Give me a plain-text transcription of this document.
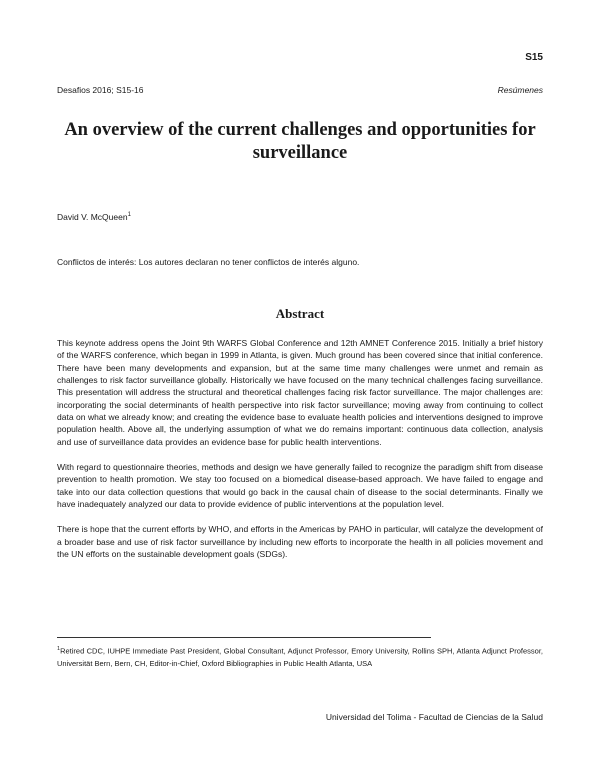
S15
Desafios 2016; S15-16	Resúmenes
An overview of the current challenges and opportunities for surveillance
David V. McQueen$^1$
Conflictos de interés: Los autores declaran no tener conflictos de interés alguno.
Abstract

This keynote address opens the Joint 9th WARFS Global Conference and 12th AMNET Conference 2015. Initially a brief history of the WARFS conference, which began in 1999 in Atlanta, is given. Much ground has been covered since that initial conference. There have been many developments and expansion, but at the same time many challenges were unmet and remain as challenges to risk factor surveillance globally. Historically we have focused on the many technical challenges facing surveillance. This presentation will address the structural and theoretical challenges facing risk factor surveillance. The major challenges are: incorporating the social determinants of health perspective into risk factor surveillance; moving away from continuing to collect data on what we already know; and creating the evidence base to evaluate health policies and interventions designed to improve population health. Above all, the underlying assumption of what we do remains important: continuous data collection, analysis and use of surveillance data provides an evidence base for public health interventions.

With regard to questionnaire theories, methods and design we have generally failed to recognize the paradigm shift from disease prevention to health promotion. We stay too focused on a biomedical disease-based approach. We have failed to engage and take into our data collection questions that would go back in the causal chain of disease to the social determinants. Finally we have inadequately analyzed our data to provide evidence of public interventions at the population level.

There is hope that the current efforts by WHO, and efforts in the Americas by PAHO in particular, will catalyze the development of a broader base and use of risk factor surveillance by including new efforts to incorporate the health in all policies movement and the UN efforts on the sustainable development goals (SDGs).

$^1$Retired CDC, IUHPE Immediate Past President, Global Consultant, Adjunct Professor, Emory University, Rollins SPH, Atlanta Adjunct Professor, Universität Bern, Bern, CH, Editor-in-Chief, Oxford Bibliographies in Public Health Atlanta, USA

Universidad del Tolima - Facultad de Ciencias de la Salud
